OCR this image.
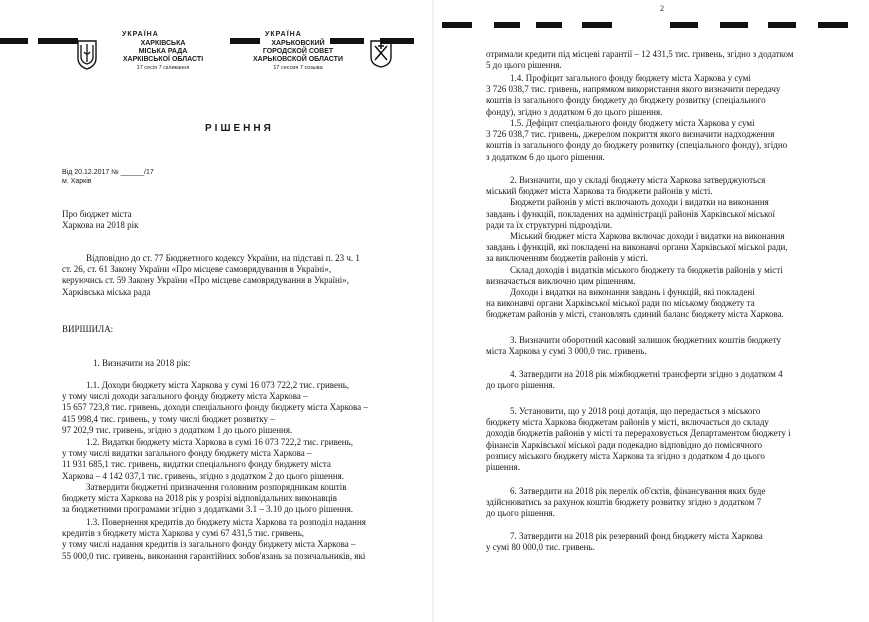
УКРАЇНА	УКРАЇНА
ХАРКІВСЬКА
МІСЬКА РАДА
ХАРКІВСЬКОЇ ОБЛАСТІ
17 сесія 7 скликання
ХАРЬКОВСКИЙ
ГОРОДСКОЙ СОВЕТ
ХАРЬКОВСКОЙ ОБЛАСТИ
17 сессия 7 созыва
РІШЕННЯ
Від 20.12.2017 № ______/17
м. Харків

Про бюджет міста

Харкова на 2018 рік

Відповідно до ст. 77 Бюджетного кодексу України, на підставі п. 23 ч. 1

ст. 26, ст. 61 Закону України «Про місцеве самоврядування в Україні»,

керуючись ст. 59 Закону України «Про місцеве самоврядування в Україні»,

Харківська міська рада

ВИРІШИЛА:
1. Визначити на 2018 рік:

1.1. Доходи бюджету міста Харкова у сумі 16 073 722,2 тис. гривень,

у тому числі доходи загального фонду бюджету міста Харкова –

15 657 723,8 тис. гривень, доходи спеціального фонду бюджету міста Харкова –

415 998,4 тис. гривень, у тому числі бюджет розвитку –

97 202,9 тис. гривень, згідно з додатком 1 до цього рішення.

1.2. Видатки бюджету міста Харкова в сумі 16 073 722,2 тис. гривень,

у тому числі видатки загального фонду бюджету міста Харкова –

11 931 685,1 тис. гривень, видатки спеціального фонду бюджету міста

Харкова – 4 142 037,1 тис. гривень, згідно з додатком 2 до цього рішення.

Затвердити бюджетні призначення головним розпорядникам коштів

бюджету міста Харкова на 2018 рік у розрізі відповідальних виконавців

за бюджетними програмами згідно з додатками 3.1 – 3.10 до цього рішення.

1.3. Повернення кредитів до бюджету міста Харкова та розподіл надання

кредитів з бюджету міста Харкова у сумі 67 431,5 тис. гривень,

у тому числі надання кредитів із загального фонду бюджету міста Харкова –

55 000,0 тис. гривень, виконання гарантійних зобов'язань за позичальників, які

2

отримали кредити під місцеві гарантії – 12 431,5 тис. гривень, згідно з додатком

5 до цього рішення.

1.4. Профіцит загального фонду бюджету міста Харкова у сумі

3 726 038,7 тис. гривень, напрямком використання якого визначити передачу

коштів із загального фонду бюджету до бюджету розвитку (спеціального

фонду), згідно з додатком 6 до цього рішення.

1.5. Дефіцит спеціального фонду бюджету міста Харкова у сумі

3 726 038,7 тис. гривень, джерелом покриття якого визначити надходження

коштів із загального фонду до бюджету розвитку (спеціального фонду), згідно

з додатком 6 до цього рішення.

2. Визначити, що у складі бюджету міста Харкова затверджуються

міський бюджет міста Харкова та бюджети районів у місті.

Бюджети районів у місті включають доходи і видатки на виконання

завдань і функцій, покладених на адміністрації районів Харківської міської

ради та їх структурні підрозділи.

Міський бюджет міста Харкова включає доходи і видатки на виконання

завдань і функцій, які покладені на виконавчі органи Харківської міської ради,

за виключенням бюджетів районів у місті.

Склад доходів і видатків міського бюджету та бюджетів районів у місті

визначається виключно цим рішенням.

Доходи і видатки на виконання завдань і функцій, які покладені

на виконавчі органи Харківської міської ради по міському бюджету та

бюджетам районів у місті, становлять єдиний баланс бюджету міста Харкова.

3. Визначити оборотний касовий залишок бюджетних коштів бюджету

міста Харкова у сумі 3 000,0 тис. гривень.

4. Затвердити на 2018 рік міжбюджетні трансферти згідно з додатком 4

до цього рішення.

5. Установити, що у 2018 році дотація, що передається з міського

бюджету міста Харкова бюджетам районів у місті, включається до складу

доходів бюджетів районів у місті та перераховується Департаментом бюджету і

фінансів Харківської міської ради подекадно відповідно до помісячного

розпису міського бюджету міста Харкова та згідно з додатком 4 до цього

рішення.

6. Затвердити на 2018 рік перелік об'єктів, фінансування яких буде

здійснюватись за рахунок коштів бюджету розвитку згідно з додатком 7

до цього рішення.

7. Затвердити на 2018 рік резервний фонд бюджету міста Харкова

у сумі 80 000,0 тис. гривень.
